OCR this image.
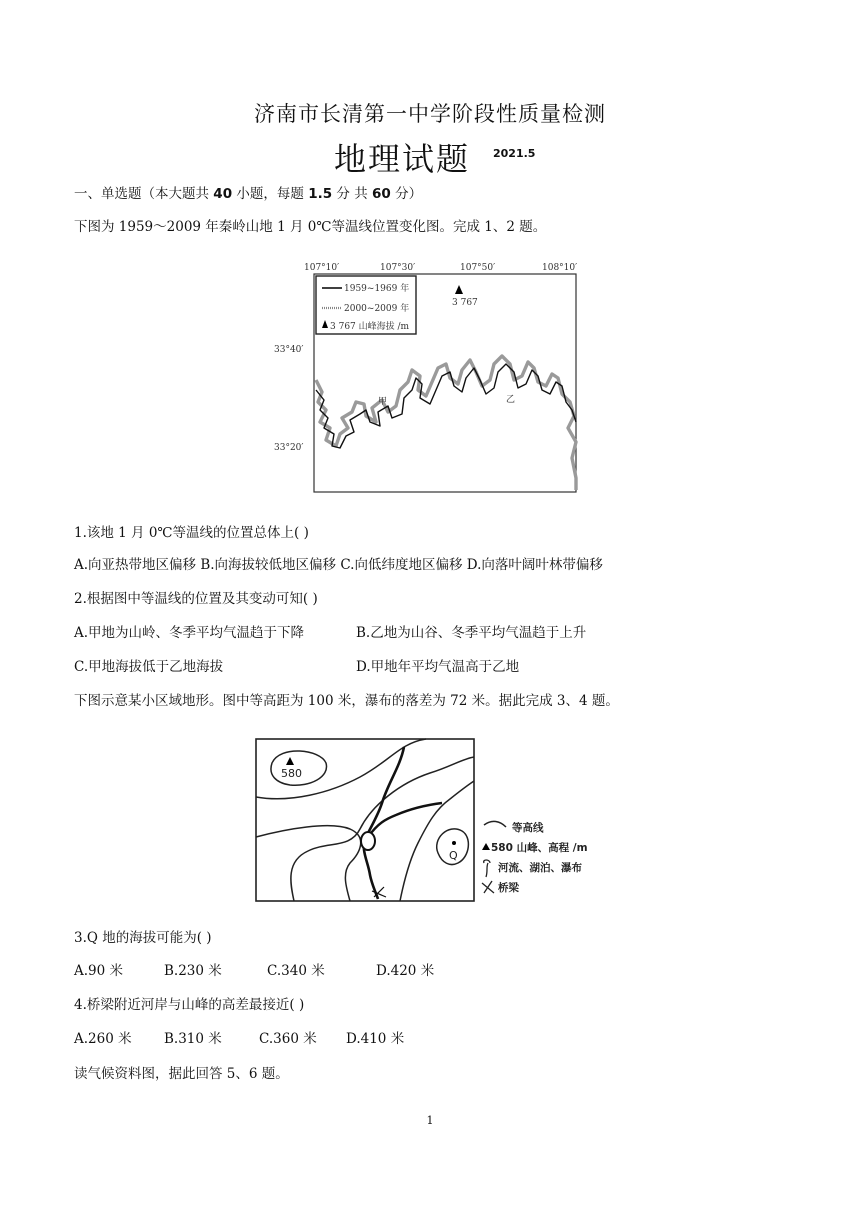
济南市长清第一中学阶段性质量检测
地理试题 2021.5
一、单选题（本大题共 40 小题，每题 1.5 分 共 60 分）
下图为 1959～2009 年秦岭山地 1 月 0℃等温线位置变化图。完成 1、2 题。
107°10′	107°30′	107°50′	108°10′
33°40′
33°20′
1959~1969 年
2000~2009 年
3 767 山峰海拔 /m
3 767
甲	乙
1.该地 1 月 0℃等温线的位置总体上( )
A.向亚热带地区偏移 B.向海拔较低地区偏移 C.向低纬度地区偏移 D.向落叶阔叶林带偏移
2.根据图中等温线的位置及其变动可知( )
A.甲地为山岭、冬季平均气温趋于下降	B.乙地为山谷、冬季平均气温趋于上升
C.甲地海拔低于乙地海拔	D.甲地年平均气温高于乙地
下图示意某小区域地形。图中等高距为 100 米，瀑布的落差为 72 米。据此完成 3、4 题。
580
Q
等高线
580 山峰、高程 /m
河流、湖泊、瀑布
桥梁
3.Q 地的海拔可能为( )
A.90 米	B.230 米	C.340 米	D.420 米
4.桥梁附近河岸与山峰的高差最接近( )
A.260 米 B.310 米	C.360 米 D.410 米
读气候资料图，据此回答 5、6 题。
1
